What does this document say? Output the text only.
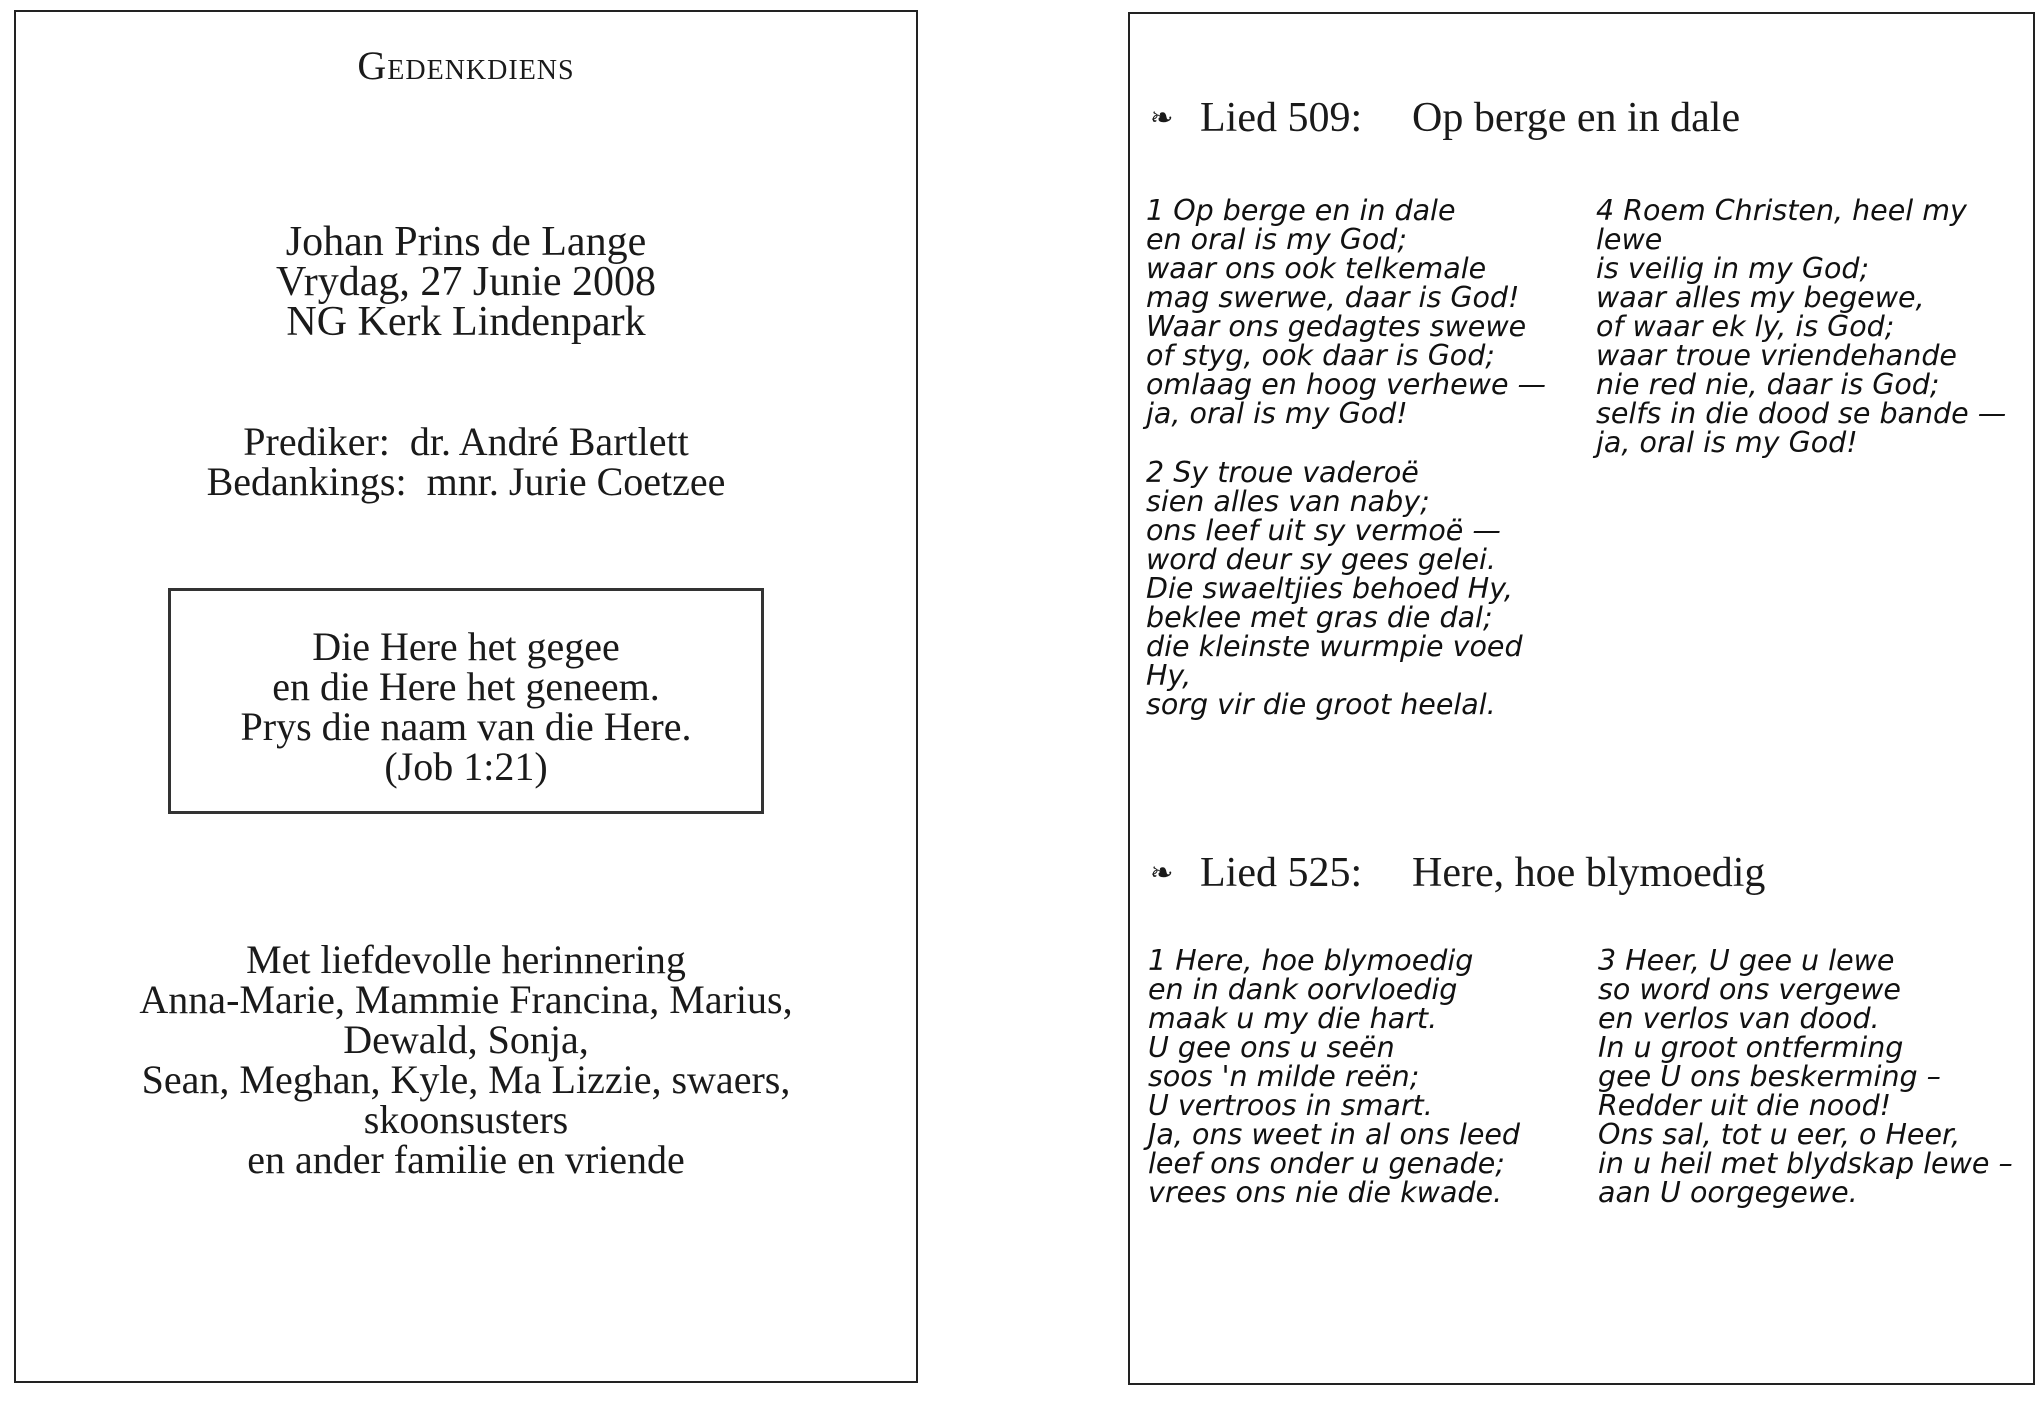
Gedenkdiens
Johan Prins de Lange
Vrydag, 27 Junie 2008
NG Kerk Lindenpark
Prediker:  dr. André Bartlett
Bedankings:  mnr. Jurie Coetzee
Die Here het gegee
en die Here het geneem.
Prys die naam van die Here.
(Job 1:21)
Met liefdevolle herinnering
Anna-Marie, Mammie Francina, Marius,
Dewald, Sonja,
Sean, Meghan, Kyle, Ma Lizzie, swaers,
skoonsusters
en ander familie en vriende
❧ Lied 509:	Op berge en in dale
1 Op berge en in dale
en oral is my God;
waar ons ook telkemale
mag swerwe, daar is God!
Waar ons gedagtes swewe
of styg, ook daar is God;
omlaag en hoog verhewe —
ja, oral is my God!
2 Sy troue vaderoë
sien alles van naby;
ons leef uit sy vermoë —
word deur sy gees gelei.
Die swaeltjies behoed Hy,
beklee met gras die dal;
die kleinste wurmpie voed
Hy,
sorg vir die groot heelal.
4 Roem Christen, heel my
lewe
is veilig in my God;
waar alles my begewe,
of waar ek ly, is God;
waar troue vriendehande
nie red nie, daar is God;
selfs in die dood se bande —
ja, oral is my God!
❧ Lied 525:	Here, hoe blymoedig
1 Here, hoe blymoedig
en in dank oorvloedig
maak u my die hart.
U gee ons u seën
soos 'n milde reën;
U vertroos in smart.
Ja, ons weet in al ons leed
leef ons onder u genade;
vrees ons nie die kwade.
3 Heer, U gee u lewe
so word ons vergewe
en verlos van dood.
In u groot ontferming
gee U ons beskerming –
Redder uit die nood!
Ons sal, tot u eer, o Heer,
in u heil met blydskap lewe –
aan U oorgegewe.
